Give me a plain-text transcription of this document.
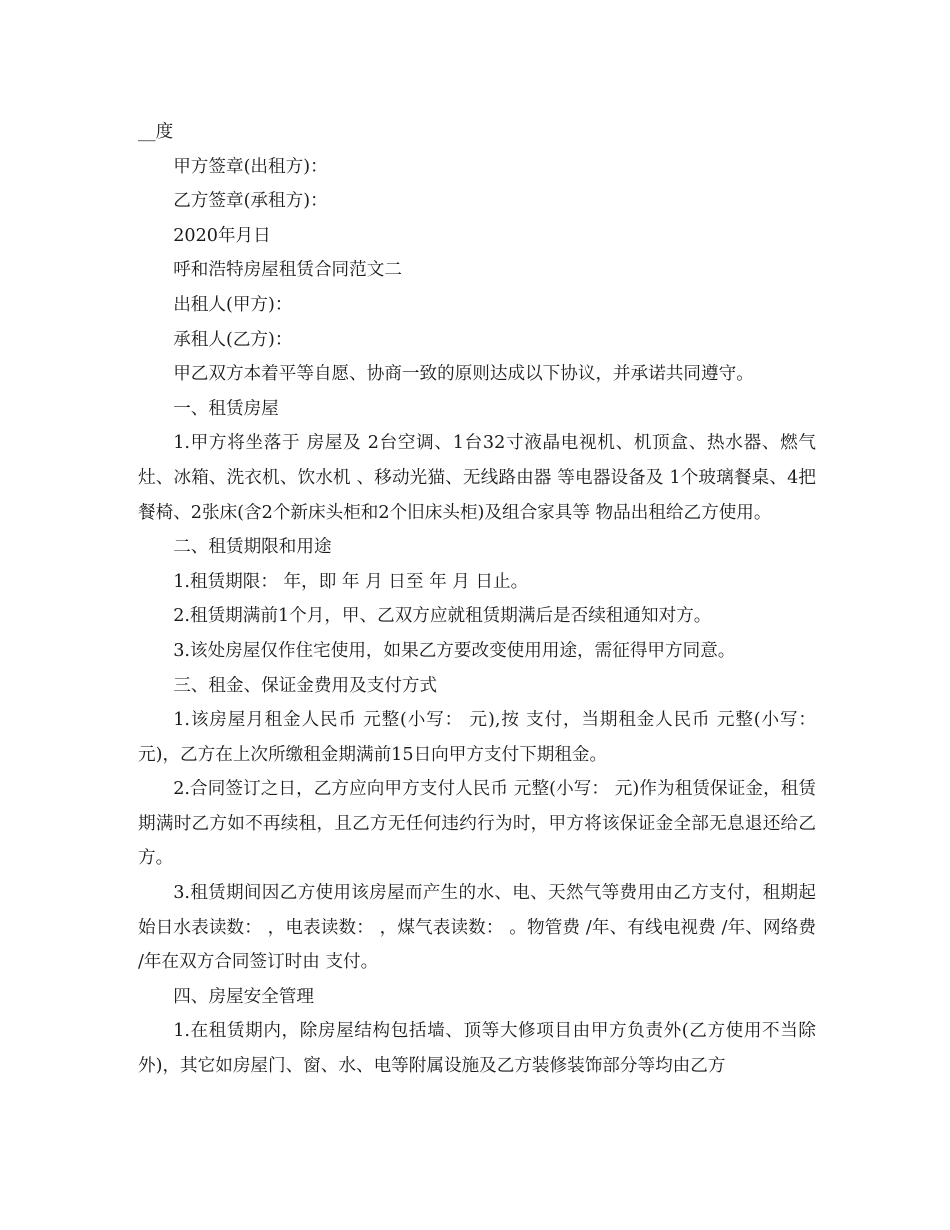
__度

甲方签章(出租方)：

乙方签章(承租方)：

2020年月日

呼和浩特房屋租赁合同范文二

出租人(甲方)：

承租人(乙方)：

甲乙双方本着平等自愿、协商一致的原则达成以下协议，并承诺共同遵守。

一、租赁房屋

1.甲方将坐落于 房屋及 2台空调、1台32寸液晶电视机、机顶盒、热水器、燃气灶、冰箱、洗衣机、饮水机 、移动光猫、无线路由器 等电器设备及 1个玻璃餐桌、4把餐椅、2张床(含2个新床头柜和2个旧床头柜)及组合家具等 物品出租给乙方使用。

二、租赁期限和用途

1.租赁期限： 年，即 年 月 日至 年 月 日止。

2.租赁期满前1个月，甲、乙双方应就租赁期满后是否续租通知对方。

3.该处房屋仅作住宅使用，如果乙方要改变使用用途，需征得甲方同意。

三、租金、保证金费用及支付方式

1.该房屋月租金人民币 元整(小写： 元),按 支付，当期租金人民币 元整(小写： 元)，乙方在上次所缴租金期满前15日向甲方支付下期租金。

2.合同签订之日，乙方应向甲方支付人民币 元整(小写： 元)作为租赁保证金，租赁期满时乙方如不再续租，且乙方无任何违约行为时，甲方将该保证金全部无息退还给乙方。

3.租赁期间因乙方使用该房屋而产生的水、电、天然气等费用由乙方支付，租期起始日水表读数： ，电表读数： ，煤气表读数： 。物管费 /年、有线电视费 /年、网络费 /年在双方合同签订时由 支付。

四、房屋安全管理

1.在租赁期内，除房屋结构包括墙、顶等大修项目由甲方负责外(乙方使用不当除外)，其它如房屋门、窗、水、电等附属设施及乙方装修装饰部分等均由乙方
